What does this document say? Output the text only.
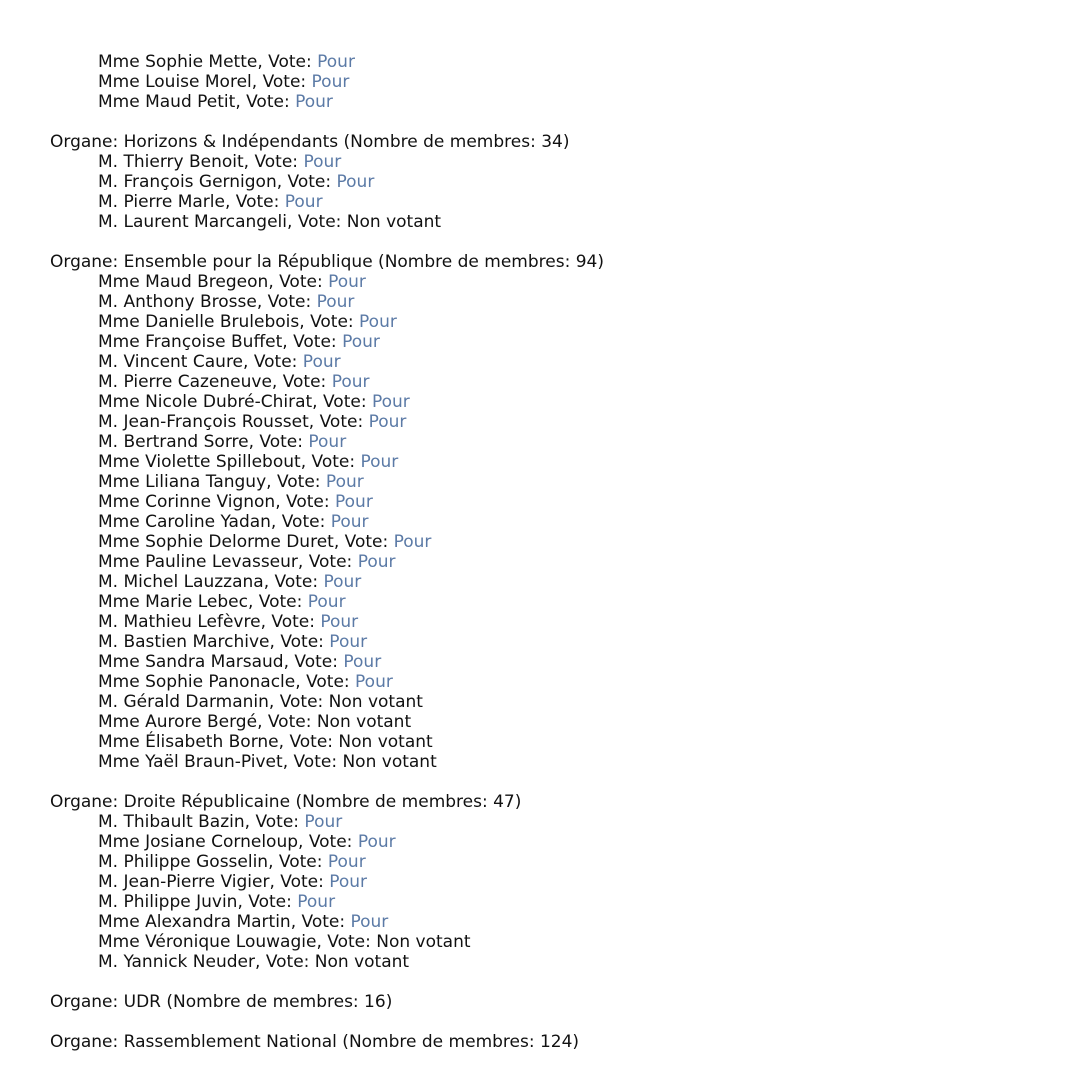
Mme Sophie Mette, Vote: Pour
Mme Louise Morel, Vote: Pour
Mme Maud Petit, Vote: Pour
Organe: Horizons & Indépendants (Nombre de membres: 34)
M. Thierry Benoit, Vote: Pour
M. François Gernigon, Vote: Pour
M. Pierre Marle, Vote: Pour
M. Laurent Marcangeli, Vote: Non votant
Organe: Ensemble pour la République (Nombre de membres: 94)
Mme Maud Bregeon, Vote: Pour
M. Anthony Brosse, Vote: Pour
Mme Danielle Brulebois, Vote: Pour
Mme Françoise Buffet, Vote: Pour
M. Vincent Caure, Vote: Pour
M. Pierre Cazeneuve, Vote: Pour
Mme Nicole Dubré-Chirat, Vote: Pour
M. Jean-François Rousset, Vote: Pour
M. Bertrand Sorre, Vote: Pour
Mme Violette Spillebout, Vote: Pour
Mme Liliana Tanguy, Vote: Pour
Mme Corinne Vignon, Vote: Pour
Mme Caroline Yadan, Vote: Pour
Mme Sophie Delorme Duret, Vote: Pour
Mme Pauline Levasseur, Vote: Pour
M. Michel Lauzzana, Vote: Pour
Mme Marie Lebec, Vote: Pour
M. Mathieu Lefèvre, Vote: Pour
M. Bastien Marchive, Vote: Pour
Mme Sandra Marsaud, Vote: Pour
Mme Sophie Panonacle, Vote: Pour
M. Gérald Darmanin, Vote: Non votant
Mme Aurore Bergé, Vote: Non votant
Mme Élisabeth Borne, Vote: Non votant
Mme Yaël Braun-Pivet, Vote: Non votant
Organe: Droite Républicaine (Nombre de membres: 47)
M. Thibault Bazin, Vote: Pour
Mme Josiane Corneloup, Vote: Pour
M. Philippe Gosselin, Vote: Pour
M. Jean-Pierre Vigier, Vote: Pour
M. Philippe Juvin, Vote: Pour
Mme Alexandra Martin, Vote: Pour
Mme Véronique Louwagie, Vote: Non votant
M. Yannick Neuder, Vote: Non votant
Organe: UDR (Nombre de membres: 16)
Organe: Rassemblement National (Nombre de membres: 124)
